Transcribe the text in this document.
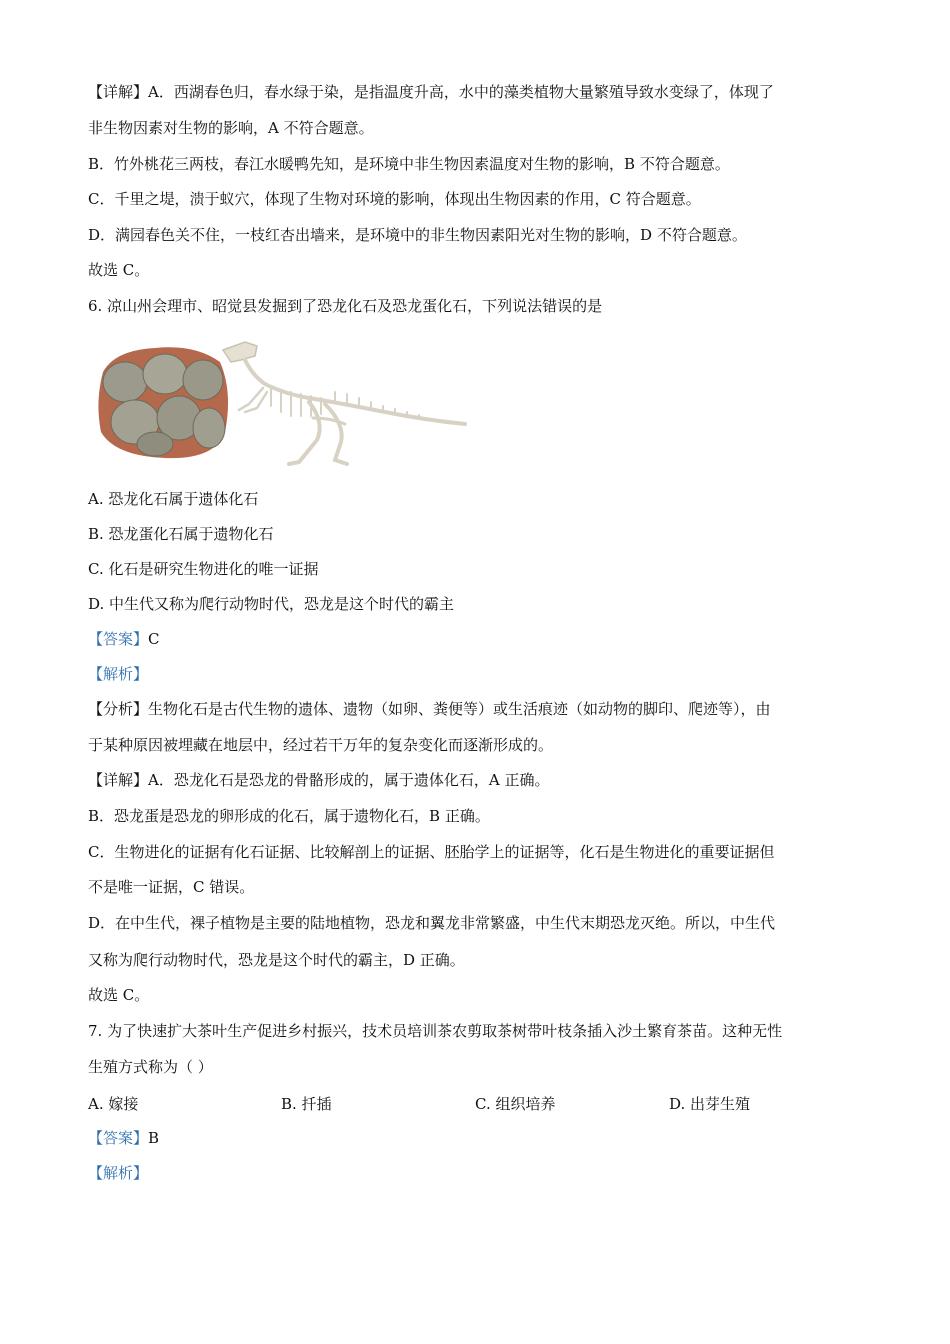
【详解】A．西湖春色归，春水绿于染，是指温度升高，水中的藻类植物大量繁殖导致水变绿了，体现了
非生物因素对生物的影响，A 不符合题意。
B．竹外桃花三两枝，春江水暖鸭先知，是环境中非生物因素温度对生物的影响，B 不符合题意。
C．千里之堤，溃于蚁穴，体现了生物对环境的影响，体现出生物因素的作用，C 符合题意。
D．满园春色关不住，一枝红杏出墙来，是环境中的非生物因素阳光对生物的影响，D 不符合题意。
故选 C。
6. 凉山州会理市、昭觉县发掘到了恐龙化石及恐龙蛋化石，下列说法错误的是
A. 恐龙化石属于遗体化石
B. 恐龙蛋化石属于遗物化石
C. 化石是研究生物进化的唯一证据
D. 中生代又称为爬行动物时代，恐龙是这个时代的霸主
【答案】C
【解析】
【分析】生物化石是古代生物的遗体、遗物（如卵、粪便等）或生活痕迹（如动物的脚印、爬迹等），由
于某种原因被埋藏在地层中，经过若干万年的复杂变化而逐渐形成的。
【详解】A．恐龙化石是恐龙的骨骼形成的，属于遗体化石，A 正确。
B．恐龙蛋是恐龙的卵形成的化石，属于遗物化石，B 正确。
C．生物进化的证据有化石证据、比较解剖上的证据、胚胎学上的证据等，化石是生物进化的重要证据但
不是唯一证据，C 错误。
D．在中生代，裸子植物是主要的陆地植物，恐龙和翼龙非常繁盛，中生代末期恐龙灭绝。所以，中生代
又称为爬行动物时代，恐龙是这个时代的霸主，D 正确。
故选 C。
7. 为了快速扩大茶叶生产促进乡村振兴，技术员培训茶农剪取茶树带叶枝条插入沙土繁育茶苗。这种无性
生殖方式称为（ ）
A. 嫁接	B. 扦插	C. 组织培养	D. 出芽生殖
【答案】B
【解析】
